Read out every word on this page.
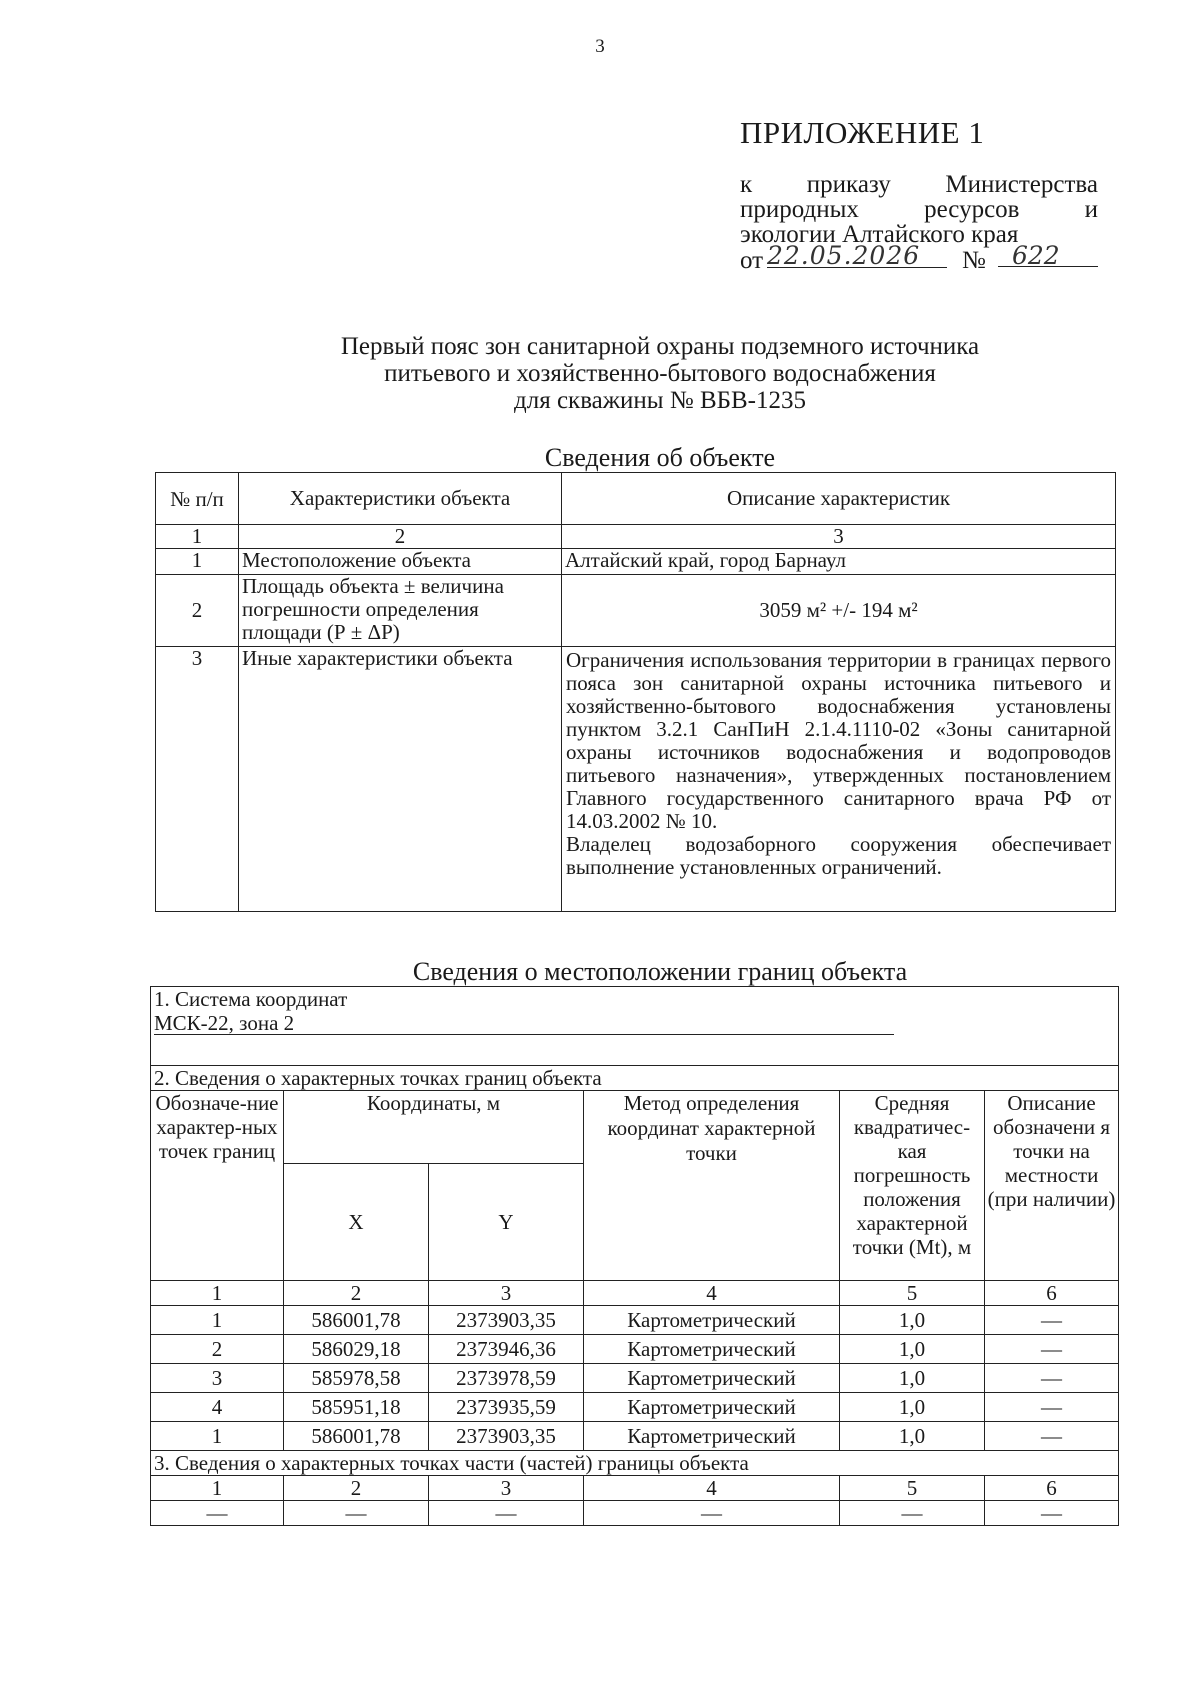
3
ПРИЛОЖЕНИЕ 1
к приказу Министерства
природных	ресурсов	и
экологии Алтайского края
от 22.05.2026	№	622
Первый пояс зон санитарной охраны подземного источника
питьевого и хозяйственно-бытового водоснабжения
для скважины № ВБВ-1235
Сведения об объекте
№ п/п	Характеристики объекта	Описание характеристик
1	2	3
1	Местоположение объекта	Алтайский край, город Барнаул
2	Площадь объекта ± величина погрешности определения площади (Р ± ΔР)	3059 м² +/- 194 м²
3	Иные характеристики объекта	Ограничения использования территории в границах первого пояса зон санитарной охраны источника питьевого и хозяйственно-бытового водоснабжения установлены пунктом 3.2.1 СанПиН 2.1.4.1110-02 «Зоны санитарной охраны источников водоснабжения и водопроводов питьевого назначения», утвержденных постановлением Главного государственного санитарного врача РФ от 14.03.2002 № 10.
Владелец водозаборного сооружения обеспечивает выполнение установленных ограничений.
Сведения о местоположении границ объекта
1. Система координат  МСК-22, зона 2					

2. Сведения о характерных точках границ объекта					
Обозначе-ние характер-ных точек границ	Координаты, м		Метод определения координат характерной точки	Средняя квадратичес-кая погрешность положения характерной точки (Mt), м	Описание обозначени я точки на местности (при наличии)
	X	Y			
1	2	3	4	5	6
1	586001,78	2373903,35	Картометрический	1,0	—
2	586029,18	2373946,36	Картометрический	1,0	—
3	585978,58	2373978,59	Картометрический	1,0	—
4	585951,18	2373935,59	Картометрический	1,0	—
1	586001,78	2373903,35	Картометрический	1,0	—
3. Сведения о характерных точках части (частей) границы объекта					
1	2	3	4	5	6
—	—	—	—	—	—
